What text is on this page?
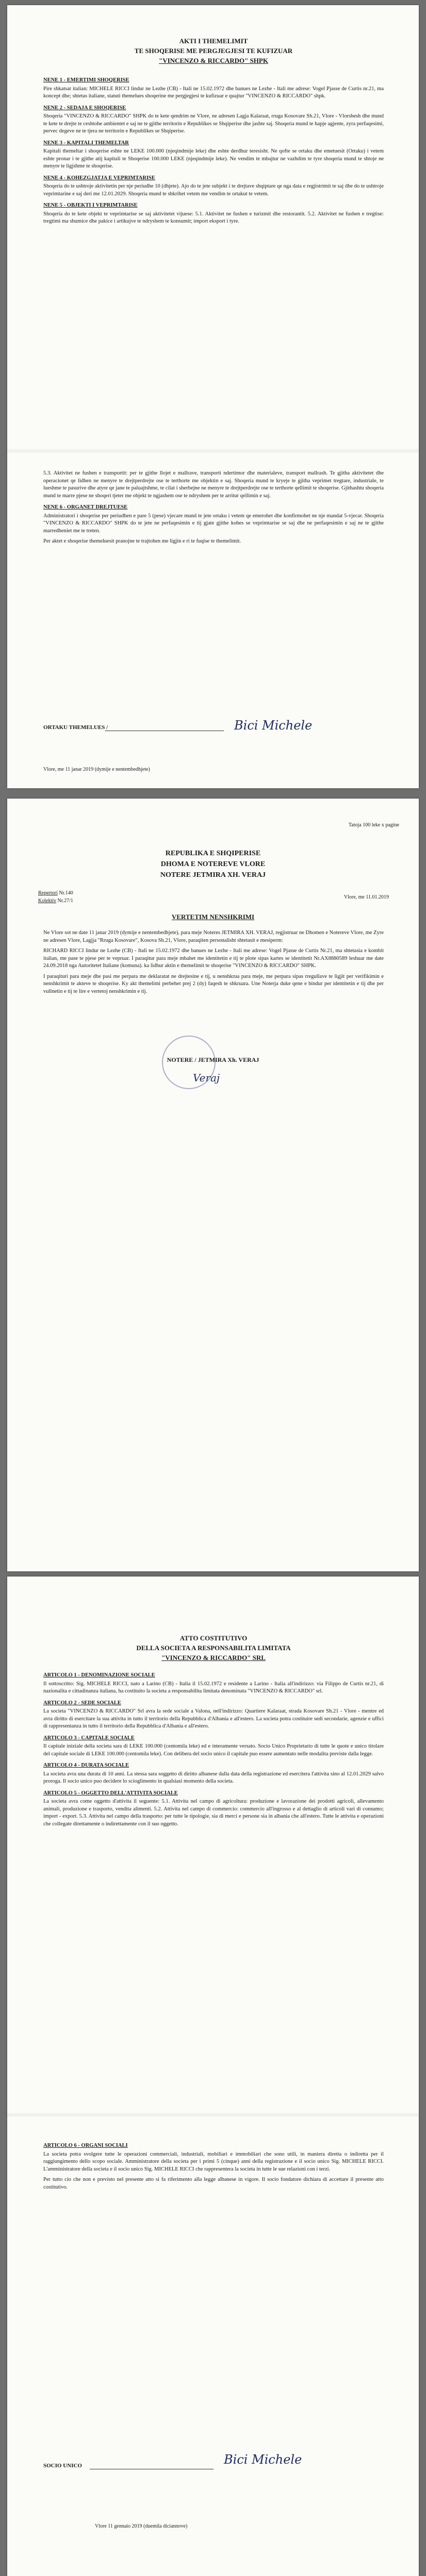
AKTI I THEMELIMIT
TE SHOQERISE ME PERGJEGJESI TE KUFIZUAR
"VINCENZO & RICCARDO" SHPK
NENE 1 - EMERTIMI SHOQERISE

Pire shkatsat italian: MICHELE RICCI lindur ne Lezhe (CB) - Itali ne 15.02.1972 dhe banues ne Lezhe - Itali me adrese: Vogel Pjasse de Curtis nr.21, ma koncept dhe; shtetas italiane, statuti themelues shoqerine me pergjegjesi te kufizuar e quajtur "VINCENZO & RICCARDO" shpk.

NENE 2 - SEDAJA E SHOQERISE

Shoqeria "VINCENZO & RICCARDO" SHPK do te kete qendrim ne Vlore, ne adresen Lagja Kalaraat, rruga Kosovare Sh.21, Vlore - Vlorshesh dhe mund te kete te drejte te ceshtohe ambientet e saj ne te gjithe territorin e Republikes se Shqiperise dhe jashte saj. Shoqeria mund te hapje agjente, zyra perfaqesimi, pervec degeve ne te tjera ne territorin e Republikes se Shqiperise.

NENE 3 - KAPITALI THEMELTAR

Kapitali themeltar i shoqerise eshte ne LEKE 100.000 (njeqindmije leke) dhe eshte derdhur teresisht. Ne qofte se ortaku dhe emetuesit (Ortaku) i vetem eshte pronar i te gjithe atij kapitali te Shoqerise 100.000 LEKE (njeqindmije leke). Ne vendim te mbajtur ne vazhdim te tyre shoqeria mund te shtoje ne menyre te ligjshme te shoqerise.

NENE 4 - KOHEZGJATJA E VEPRIMTARISE

Shoqeria do te ushtroje aktivitetin per nje periudhe 10 (dhjete). Ajo do te jete subjekt i te drejtave shqiptare qe nga data e regjistrimit te saj dhe do te ushtroje veprimtarine e saj deri me 12.01.2029. Shoqeria mund te shkrihet vetem me vendim te ortakut te vetem.

NENE 5 - OBJEKTI I VEPRIMTARISE

Shoqeria do te kete objekt te veprimtarise se saj aktivitetet vijuese: 5.1. Aktivitet ne fushen e turizmit dhe restorantit. 5.2. Aktivitet ne fushen e tregtise: tregtimi ma shumice dhe pakice i artikujve te ndryshem te konsumit; import eksport i tyre.

5.3. Aktivitet ne fushen e transportit: per te gjithe llojet e mallrave, transporti ndertimor dhe materialeve, transport mallrash. Te gjitha aktivitetet dhe operacionet qe lidhen ne menyre te drejtperdrejte ose te terthorte me objektin e saj. Shoqeria mund te kryeje te gjitha veprimet tregtare, industriale, te lueshme te pasurive dhe atyre qe jane te paluajtshme, te cilat i sherbejne ne menyre te drejtperdrejte ose te terthorte qellimit te shoqerise. Gjithashtu shoqeria mund te marre pjese ne shoqeri tjeter me objekt te ngjashem ose te ndryshem per te arritur qellimin e saj.

NENE 6 - ORGANET DREJTUESE

Administratori i shoqerise per periudhen e pare 5 (pese) vjecare mund te jete ortaku i vetem qe emerohet dhe konfirmohet ne nje mandat 5-vjecar. Shoqeria "VINCENZO & RICCARDO" SHPK do te jete ne perfaqesimin e tij gjate gjithe kohes se veprimtarise se saj dhe ne perfaqesimin e saj ne te gjithe marredheniet me te treten.

Per aktet e shoqerise themeluesit pranojne te trajtohen me ligjin e ri te fuqise te themelimit.

ORTAKU THEMELUES /	Bici Michele
Vlore, me 11 janar 2019 (dymije e nentembedhjete)
Tatoja 100 leke x pagine
REPUBLIKA E SHQIPERISE
DHOMA E NOTEREVE VLORE
NOTERE JETMIRA XH. VERAJ
Repertori Nr.140
Kolektiv Nr.27/1
Vlore, me 11.01.2019
VERTETIM NENSHKRIMI

Ne Vlore sot ne date 11 janar 2019 (dymije e nentembedhjete), para meje Noteres JETMIRA XH. VERAJ, regjistruar ne Dhomen e Notereve Vlore, me Zyre ne adresen Vlore, Lagjja "Rruga Kosovare", Kosova Sh.21, Vlore, paraqiten personalisht shtetasit e mesiperm:

RICHARD RICCI lindur ne Lezhe (CB) - Itali ne 15.02.1972 dhe banues ne Lezhe - Itali me adrese: Vogel Pjasse de Curtis Nr.21, ma shtetasia e kombit italian, me pase te pjese per te vepruar. I paraqitur para meje mbahet me identitetin e tij te plote sipas kartes se identitetit Nr.AX8880589 leshuar me date 24.09.2018 nga Autoritetet Italiane (komuna). ka lidhur aktin e themelimit te shoqerise "VINCENZO & RICCARDO" SHPK.

I paraqituri para meje dhe pasi me perpara me deklaratat ne drejtesine e tij, u nenshkrua para meje, me perpara sipas rregullave te ligjit per verifikimin e nenshkrimit te akteve te shoqerise. Ky akt themelimi perbehet prej 2 (dy) faqesh te shkruara. Une Noterja duke qene e bindur per identitetin e tij dhe per vullnetin e tij te lire e vertetoj nenshkrimin e tij.

NOTERE / JETMIRA Xh. VERAJ
Veraj
ATTO COSTITUTIVO
DELLA SOCIETA A RESPONSABILITA LIMITATA
"VINCENZO & RICCARDO" SRL
ARTICOLO 1 - DENOMINAZIONE SOCIALE

Il sottoscritto: Sig. MICHELE RICCI, nato a Larino (CB) - Italia il 15.02.1972 e residente a Larino - Italia all'indirizzo: via Filippo de Curtis nr.21, di nazionalita e cittadinanza italiana, ha costituito la societa a responsabilita limitata denominata "VINCENZO & RICCARDO" srl.

ARTICOLO 2 - SEDE SOCIALE

La societa "VINCENZO & RICCARDO" Srl avra la sede sociale a Valona, nell'indirizzo: Quartiere Kalaraat, strada Kosovare Sh.21 - Vlore - mentre ed avra diritto di esercitare la sua attivita in tutto il territorio della Repubblica d'Albania e all'estero. La societa potra costituire sedi secondarie, agenzie e uffici di rappresentanza in tutto il territorio della Repubblica d'Albania e all'estero.

ARTICOLO 3 - CAPITALE SOCIALE

Il capitale iniziale della societa sara di LEKE 100.000 (centomila leke) ed e interamente versato. Socio Unico Proprietario di tutte le quote e unico titolare del capitale sociale di LEKE 100.000 (centomila leke). Con delibera del socio unico il capitale puo essere aumentato nelle modalita previste dalla legge.

ARTICOLO 4 - DURATA SOCIALE

La societa avra una durata di 10 anni. La stessa sara soggetto di diritto albanese dalla data della registrazione ed esercitera l'attivita sino al 12.01.2029 salvo proroga. Il socio unico puo decidere lo scioglimento in qualsiasi momento della societa.

ARTICOLO 5 - OGGETTO DELL'ATTIVITA SOCIALE

La societa avra come oggetto d'attivita il seguente: 5.1. Attivita nel campo di agricoltura: produzione e lavorazione dei prodotti agricoli, allevamento animali, produzione e trasporto, vendita alimenti. 5.2. Attivita nel campo di commercio: commercio all'ingrosso e al dettaglio di articoli vari di consumo; import - export. 5.3. Attivita nel campo della trasporto: per tutte le tipologie, sia di merci e persone sia in albania che all'estero. Tutte le attivita e operazioni che collegate direttamente o indirettamente con il suo oggetto.

ARTICOLO 6 - ORGANI SOCIALI

La societa potra svolgere tutte le operazioni commerciali, industriali, mobiliari e immobiliari che sono utili, in maniera diretta o indiretta per il raggiungimento dello scopo sociale. Amministratore della societa per i primi 5 (cinque) anni della registrazione e il socio unico Sig. MICHELE RICCI. L'amministratore della societa e il socio unico Sig. MICHELE RICCI che rappresentera la societa in tutte le sue relazioni con i terzi.

Per tutto cio che non e previsto nel presente atto si fa riferimento alla legge albanese in vigore. Il socio fondatore dichiara di accettare il presente atto costitutivo.

SOCIO UNICO	Bici Michele
Vlore 11 gennaio 2019 (duemila diciannove)
